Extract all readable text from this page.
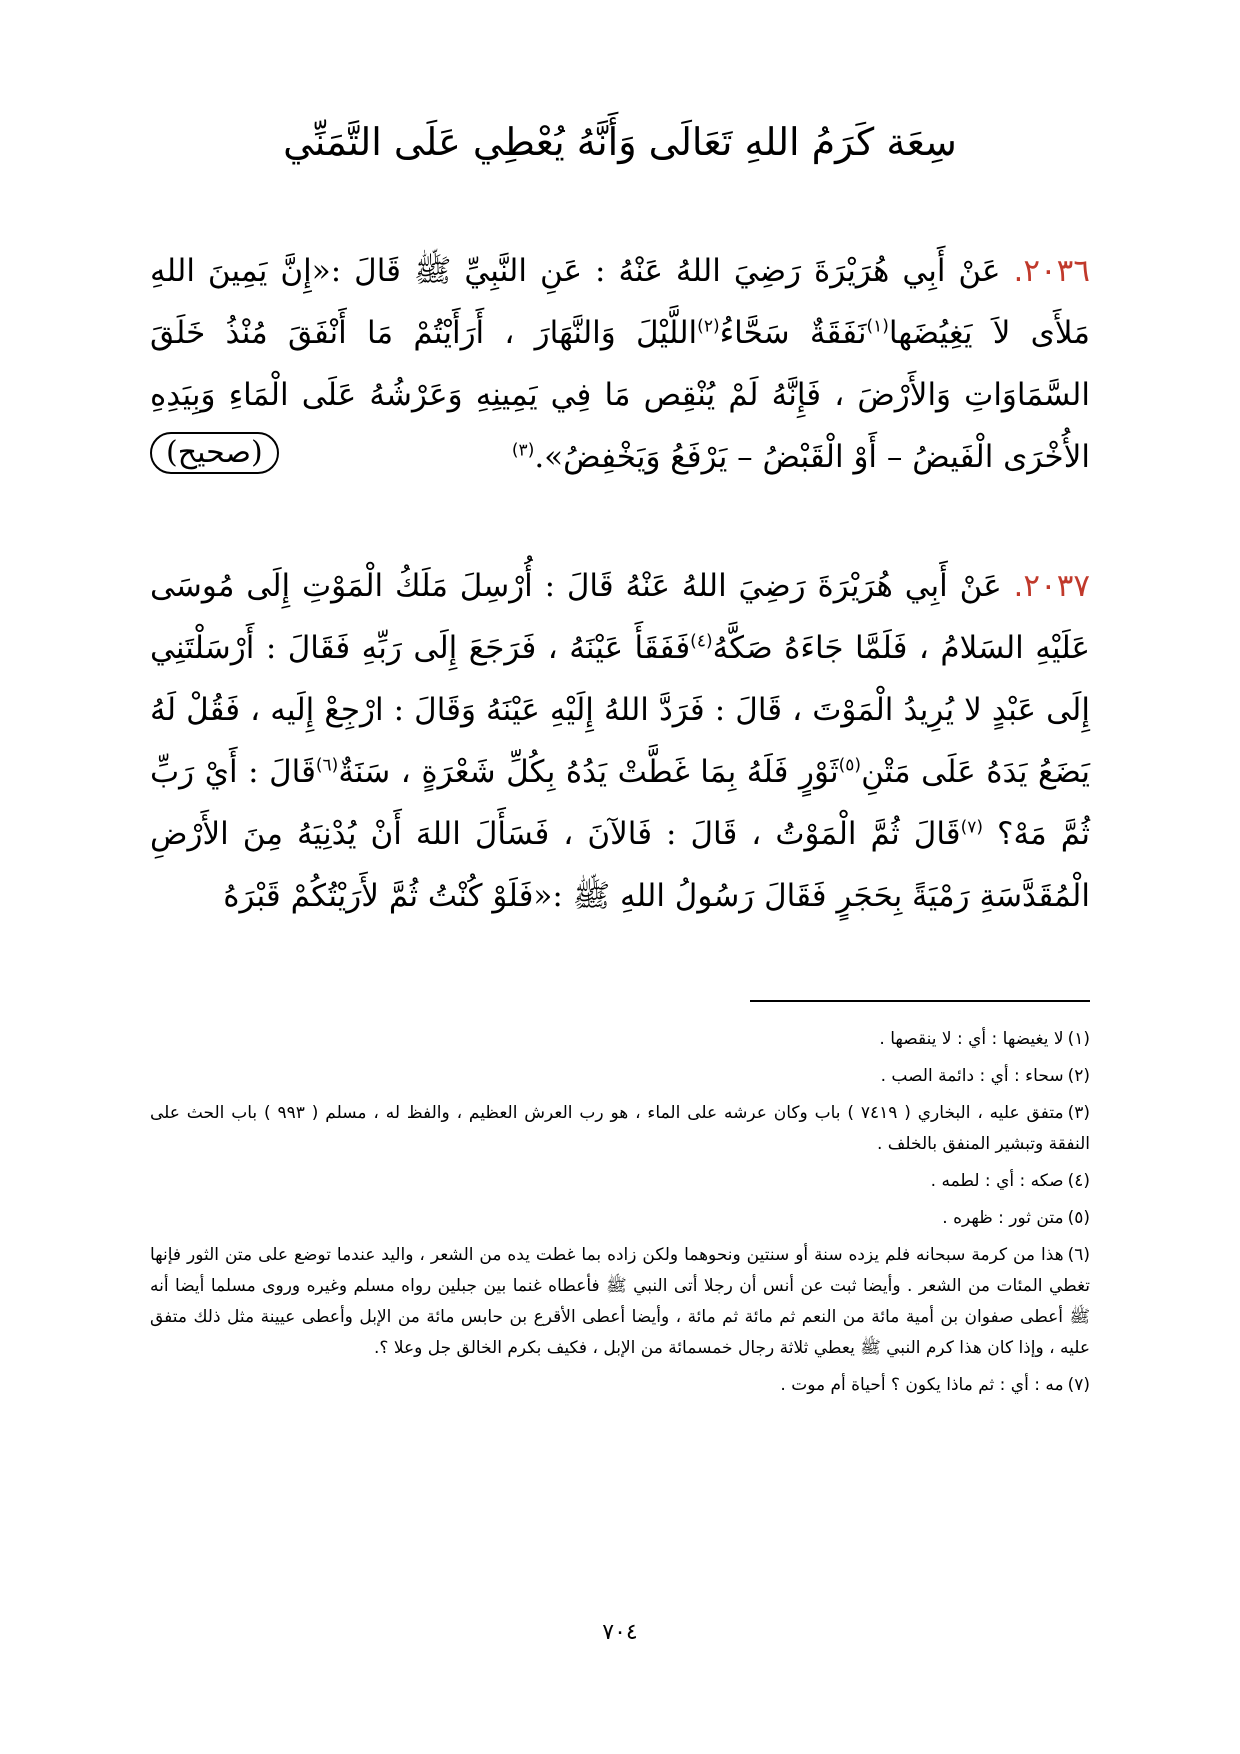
سِعَة كَرَمُ اللهِ تَعَالَى وَأَنَّهُ يُعْطِي عَلَى التَّمَنِّي
٢٠٣٦. عَنْ أَبِي هُرَيْرَةَ رَضِيَ اللهُ عَنْهُ : عَنِ النَّبِيِّ ﷺ قَالَ :«إِنَّ يَمِينَ اللهِ مَلأَى لاَ يَغِيُضَها$^{(١)}$نَفَقَةٌ سَحَّاءُ$^{(٢)}$اللَّيْلَ وَالنَّهَارَ ، أَرَأَيْتُمْ مَا أَنْفَقَ مُنْذُ خَلَقَ السَّمَاوَاتِ وَالأَرْضَ ، فَإِنَّهُ لَمْ يُنْقِص مَا فِي يَمِينِهِ وَعَرْشُهُ عَلَى الْمَاءِ وَبِيَدِهِ الأُخْرَى الْفَيضُ – أَوْ الْقَبْضُ – يَرْفَعُ وَيَخْفِضُ».$^{(٣)}$
(صحيح)
٢٠٣٧. عَنْ أَبِي هُرَيْرَةَ رَضِيَ اللهُ عَنْهُ قَالَ : أُرْسِلَ مَلَكُ الْمَوْتِ إِلَى مُوسَى عَلَيْهِ السَلامُ ، فَلَمَّا جَاءَهُ صَكَّهُ$^{(٤)}$فَفَقَأَ عَيْنَهُ ، فَرَجَعَ إِلَى رَبِّهِ فَقَالَ : أَرْسَلْتَنِي إِلَى عَبْدٍ لا يُرِيدُ الْمَوْتَ ، قَالَ : فَرَدَّ اللهُ إِلَيْهِ عَيْنَهُ وَقَالَ : ارْجِعْ إِلَيه ، فَقُلْ لَهُ يَضَعُ يَدَهُ عَلَى مَتْنِ$^{(٥)}$ثَوْرٍ فَلَهُ بِمَا غَطَّتْ يَدُهُ بِكُلِّ شَعْرَةٍ ، سَنَةٌ$^{(٦)}$قَالَ : أَيْ رَبِّ ثُمَّ مَهْ؟ $^{(٧)}$قَالَ ثُمَّ الْمَوْتُ ، قَالَ : فَالآنَ ، فَسَأَلَ اللهَ أَنْ يُدْنِيَهُ مِنَ الأَرْضِ الْمُقَدَّسَةِ رَمْيَةً بِحَجَرٍ فَقَالَ رَسُولُ اللهِ ﷺ :«فَلَوْ كُنْتُ ثُمَّ لأَرَيْتُكُمْ قَبْرَهُ

(١)لا يغيضها : أي : لا ينقصها .

(٢)سحاء : أي : دائمة الصب .

(٣)متفق عليه ، البخاري ( ٧٤١٩ ) باب وكان عرشه على الماء ، هو رب العرش العظيم ، والفظ له ، مسلم ( ٩٩٣ ) باب الحث على النفقة وتبشير المنفق بالخلف .

(٤)صكه : أي : لطمه .

(٥)متن ثور : ظهره .

(٦)هذا من كرمة سبحانه فلم يزده سنة أو سنتين ونحوهما ولكن زاده بما غطت يده من الشعر ، واليد عندما توضع على متن الثور فإنها تغطي المئات من الشعر . وأيضا ثبت عن أنس أن رجلا أتى النبي ﷺ فأعطاه غنما بين جبلين رواه مسلم وغيره وروى مسلما أيضا أنه ﷺ أعطى صفوان بن أمية مائة من النعم ثم مائة ثم مائة ، وأيضا أعطى الأقرع بن حابس مائة من الإبل وأعطى عيينة مثل ذلك متفق عليه ، وإذا كان هذا كرم النبي ﷺ يعطي ثلاثة رجال خمسمائة من الإبل ، فكيف بكرم الخالق جل وعلا ؟.

(٧)مه : أي : ثم ماذا يكون ؟ أحياة أم موت .

٧٠٤
